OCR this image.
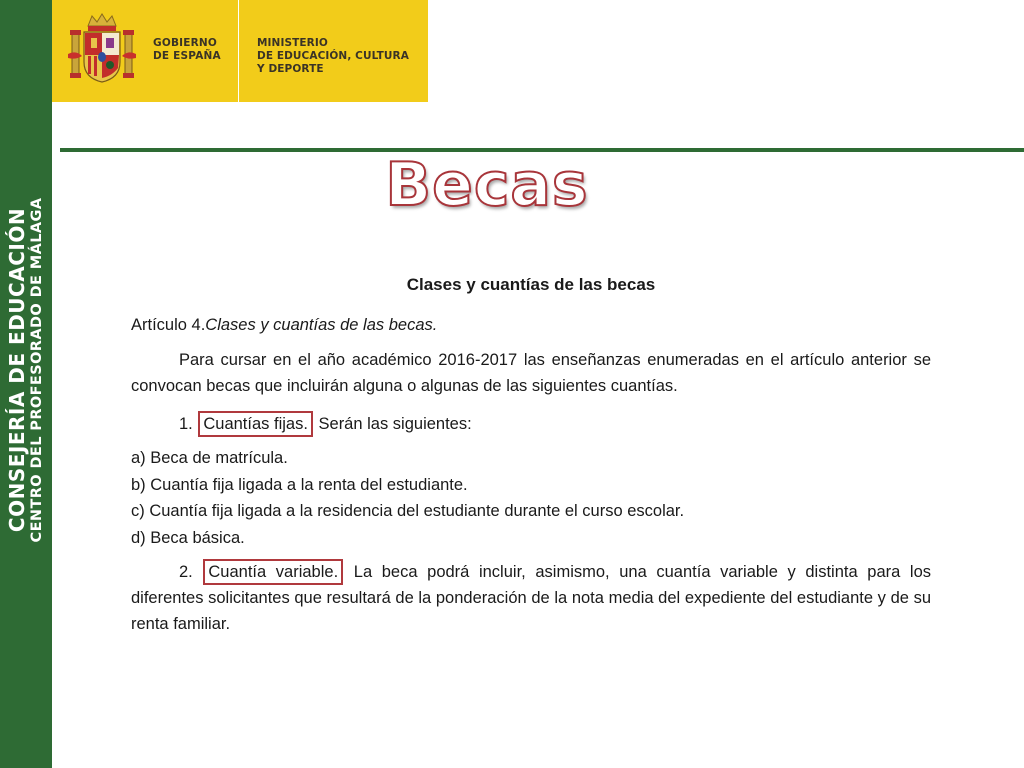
CONSEJERÍA DE EDUCACIÓN CENTRO DEL PROFESORADO DE MÁLAGA
GOBIERNO
DE ESPAÑA
MINISTERIO
DE EDUCACIÓN, CULTURA
Y DEPORTE
Becas
Clases y cuantías de las becas
Artículo 4.Clases y cuantías de las becas.
Para cursar en el año académico 2016-2017 las enseñanzas enumeradas en el artículo anterior se convocan becas que incluirán alguna o algunas de las siguientes cuantías.
1. Cuantías fijas. Serán las siguientes:
a) Beca de matrícula.
b) Cuantía fija ligada a la renta del estudiante.
c) Cuantía fija ligada a la residencia del estudiante durante el curso escolar.
d) Beca básica.
2. Cuantía variable. La beca podrá incluir, asimismo, una cuantía variable y distinta para los diferentes solicitantes que resultará de la ponderación de la nota media del expediente del estudiante y de su renta familiar.
